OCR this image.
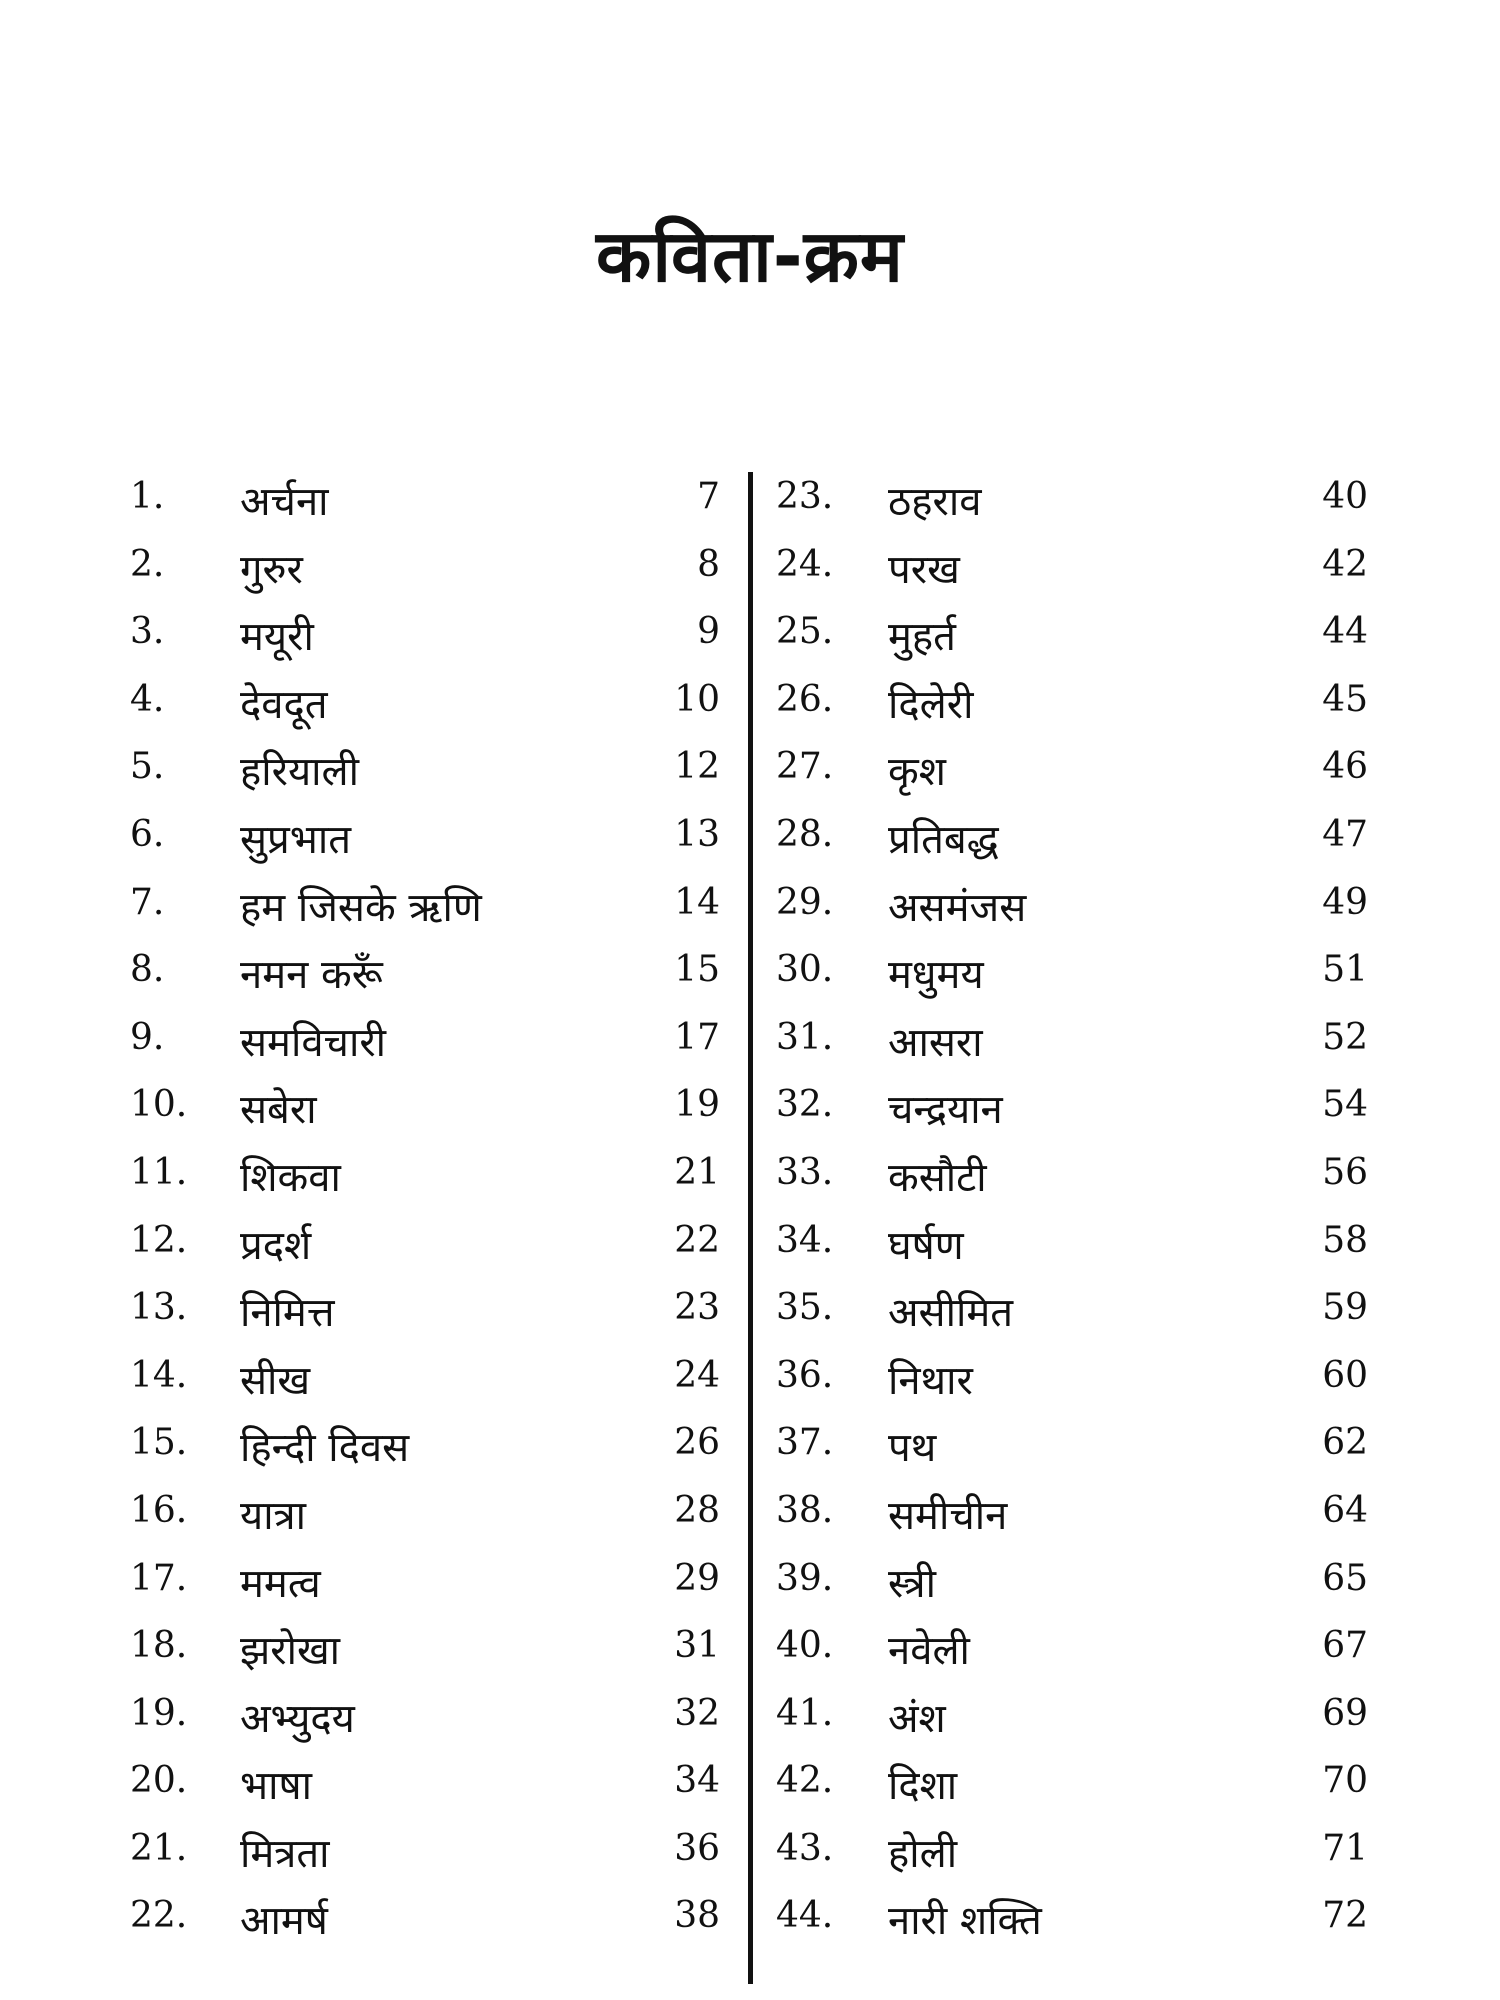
कविता-क्रम
1. अर्चना	7
2. गुरुर	8
3. मयूरी	9
4. देवदूत	10
5. हरियाली	12
6. सुप्रभात	13
7. हम जिसके ऋणि	14
8. नमन करूँ	15
9. समविचारी	17
10. सबेरा	19
11. शिकवा	21
12. प्रदर्श	22
13. निमित्त	23
14. सीख	24
15. हिन्दी दिवस	26
16. यात्रा	28
17. ममत्व	29
18. झरोखा	31
19. अभ्युदय	32
20. भाषा	34
21. मित्रता	36
22. आमर्ष	38
23. ठहराव	40
24. परख	42
25. मुहर्त	44
26. दिलेरी	45
27. कृश	46
28. प्रतिबद्ध	47
29. असमंजस	49
30. मधुमय	51
31. आसरा	52
32. चन्द्रयान	54
33. कसौटी	56
34. घर्षण	58
35. असीमित	59
36. निथार	60
37. पथ	62
38. समीचीन	64
39. स्त्री	65
40. नवेली	67
41. अंश	69
42. दिशा	70
43. होली	71
44. नारी शक्ति	72
